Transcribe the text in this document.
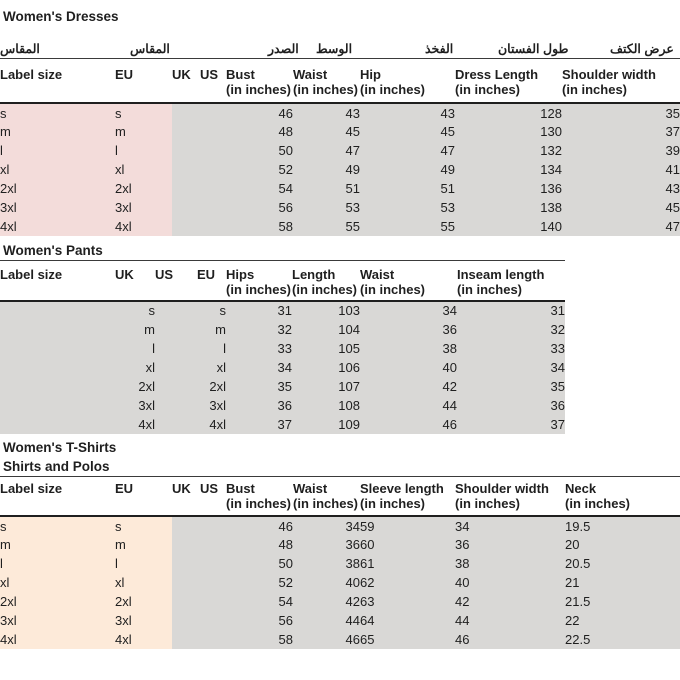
Women's Dresses
المقاس	المقاس	الصدر الوسط	الفخذ	طول الفستان	عرض الكتف
Label size	EU	UK	US	Bust	Waist	Hip	Dress Length	Shoulder width
				(in inches)	(in inches)	(in inches)	(in inches)	(in inches)
s	s			46	43	43	128	35
m	m			48	45	45	130	37
l	l			50	47	47	132	39
xl	xl			52	49	49	134	41
2xl	2xl			54	51	51	136	43
3xl	3xl			56	53	53	138	45
4xl	4xl			58	55	55	140	47
Women's Pants
Label size	UK	US	EU	Hips	Length	Waist	Inseam length
				(in inches)	(in inches)	(in inches)	(in inches)
	s		s	31	103	34	31
	m		m	32	104	36	32
	l		l	33	105	38	33
	xl		xl	34	106	40	34
	2xl		2xl	35	107	42	35
	3xl		3xl	36	108	44	36
	4xl		4xl	37	109	46	37
Women's T-Shirts
Shirts and Polos
Label size	EU	UK	US	Bust	Waist	Sleeve length	Shoulder width	Neck
				(in inches)	(in inches)	(in inches)	(in inches)	(in inches)
s	s			46	34	59	34	19.5
m	m			48	36	60	36	20
l	l			50	38	61	38	20.5
xl	xl			52	40	62	40	21
2xl	2xl			54	42	63	42	21.5
3xl	3xl			56	44	64	44	22
4xl	4xl			58	46	65	46	22.5
